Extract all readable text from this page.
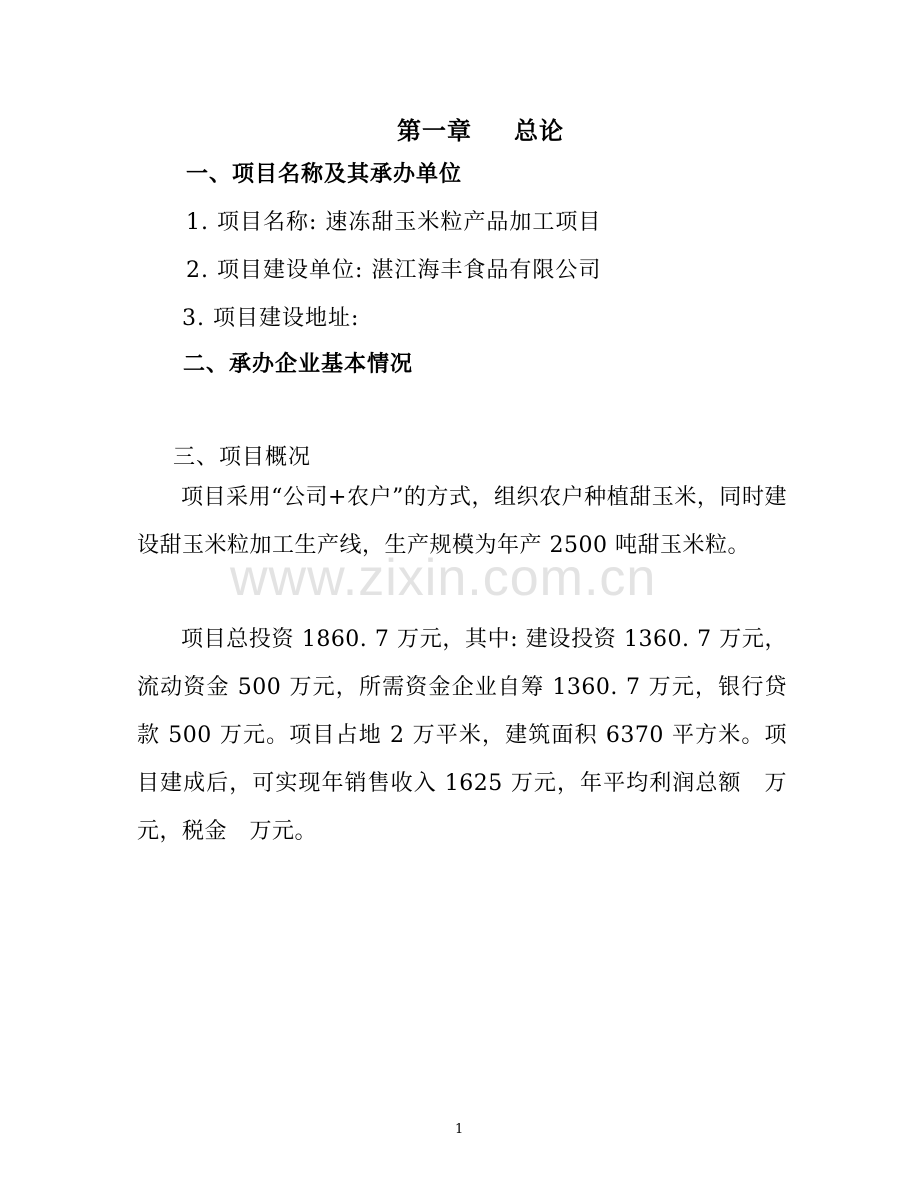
第一章 总论
一、项目名称及其承办单位
1. 项目名称: 速冻甜玉米粒产品加工项目
2. 项目建设单位: 湛江海丰食品有限公司
3. 项目建设地址:
二、承办企业基本情况
三、项目概况
项目采用“公司+农户”的方式，组织农户种植甜玉米，同时建设甜玉米粒加工生产线，生产规模为年产 2500 吨甜玉米粒。
项目总投资 1860. 7 万元，其中: 建设投资 1360. 7 万元，流动资金 500 万元，所需资金企业自筹 1360. 7 万元，银行贷款 500 万元。项目占地 2 万平米，建筑面积 6370 平方米。项目建成后，可实现年销售收入 1625 万元，年平均利润总额　万元，税金　万元。
www.zixin.com.cn
1
